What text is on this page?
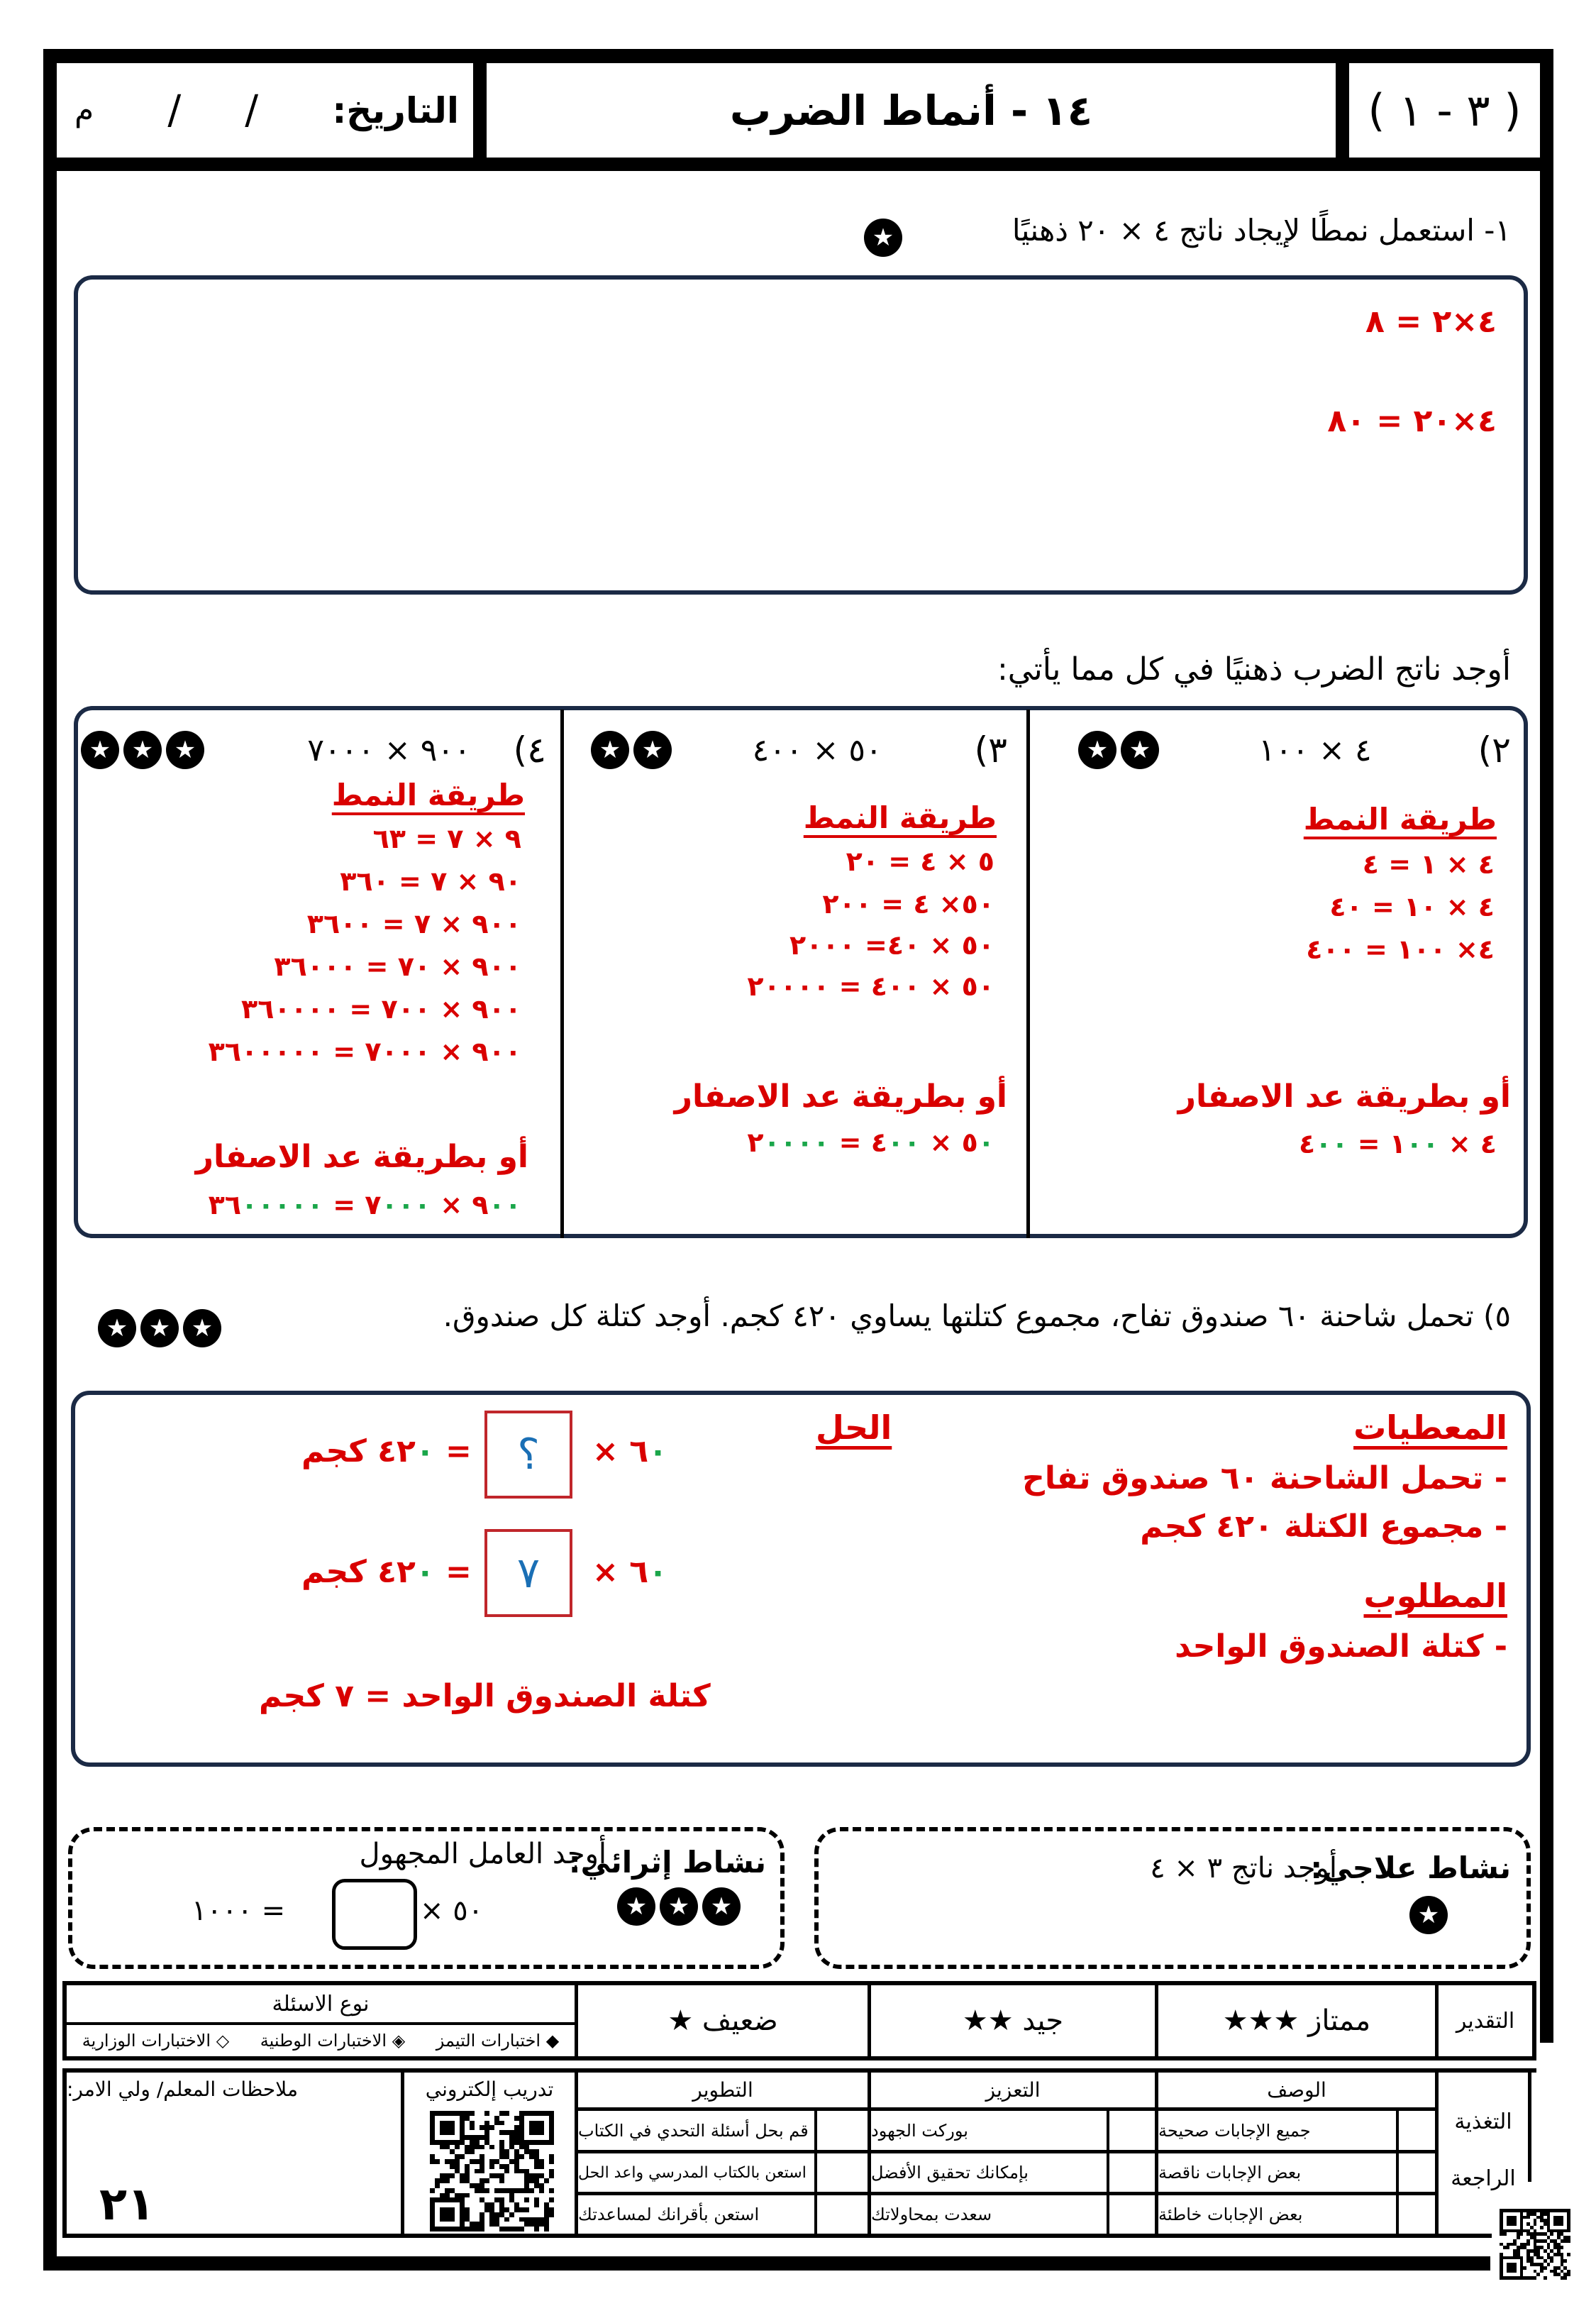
م / / التاريخ:	١٤ - أنماط الضرب	( ٣ - ١ )
١- استعمل نمطًا لإيجاد ناتج ٤ × ٢٠ ذهنيًا
★
٤×٢ = ٨
٤×٢٠ = ٨٠
أوجد ناتج الضرب ذهنيًا في كل مما يأتي:
٢)
٤ × ١٠٠
★ ★
طريقة النمط
٤ × ١ = ٤
٤ × ١٠ = ٤٠
٤× ١٠٠ = ٤٠٠
أو بطريقة عد الاصفار
٤ × ١٠٠ = ٤٠٠
٣)
٥٠ × ٤٠٠
★ ★
طريقة النمط
٥ × ٤ = ٢٠
٥٠× ٤ = ٢٠٠
٥٠ × ٤٠= ٢٠٠٠
٥٠ × ٤٠٠ = ٢٠٠٠٠
أو بطريقة عد الاصفار
٥٠ × ٤٠٠ = ٢٠٠٠٠
٤)
٩٠٠ × ٧٠٠٠
★ ★ ★
طريقة النمط
٩ × ٧ = ٦٣
٩٠ × ٧ = ٣٦٠
٩٠٠ × ٧ = ٣٦٠٠
٩٠٠ × ٧٠ = ٣٦٠٠٠
٩٠٠ × ٧٠٠ = ٣٦٠٠٠٠
٩٠٠ × ٧٠٠٠ = ٣٦٠٠٠٠٠
أو بطريقة عد الاصفار
٩٠٠ × ٧٠٠٠ = ٣٦٠٠٠٠٠
٥) تحمل شاحنة ٦٠ صندوق تفاح، مجموع كتلتها يساوي ٤٢٠ كجم. أوجد كتلة كل صندوق.
★ ★ ★
المعطيات
- تحمل الشاحنة ٦٠ صندوق تفاح
- مجموع الكتلة ٤٢٠ كجم
المطلوب
- كتلة الصندوق الواحد
الحل
٦٠ ×
؟
= ٤٢٠ كجم
٦٠ ×
٧
= ٤٢٠ كجم
كتلة الصندوق الواحد = ٧ كجم
نشاط إثرائي:
أوجد العامل المجهول
★ ★ ★
٥٠ ×
= ١٠٠٠
نشاط علاجي:
أوجد ناتج ٣ × ٤
★
التقدير
ممتاز

★★★
جيد

★★
ضعيف

★
نوع الاسئلة
◆ اختبارات التيمز
◈ الاختبارات الوطنية
◇ الاختبارات الوزارية
التغذية
الراجعة
الوصف
جميع الإجابات صحيحة
بعض الإجابات ناقصة
بعض الإجابات خاطئة
التعزيز
بوركت الجهود
بإمكانك تحقيق الأفضل
سعدت بمحاولاتك
التطوير
قم بحل أسئلة التحدي في الكتاب
استعن بالكتاب المدرسي واعد الحل
استعن بأقرانك لمساعدتك
تدريب إلكتروني
ملاحظات المعلم/ ولي الامر:
٢١
